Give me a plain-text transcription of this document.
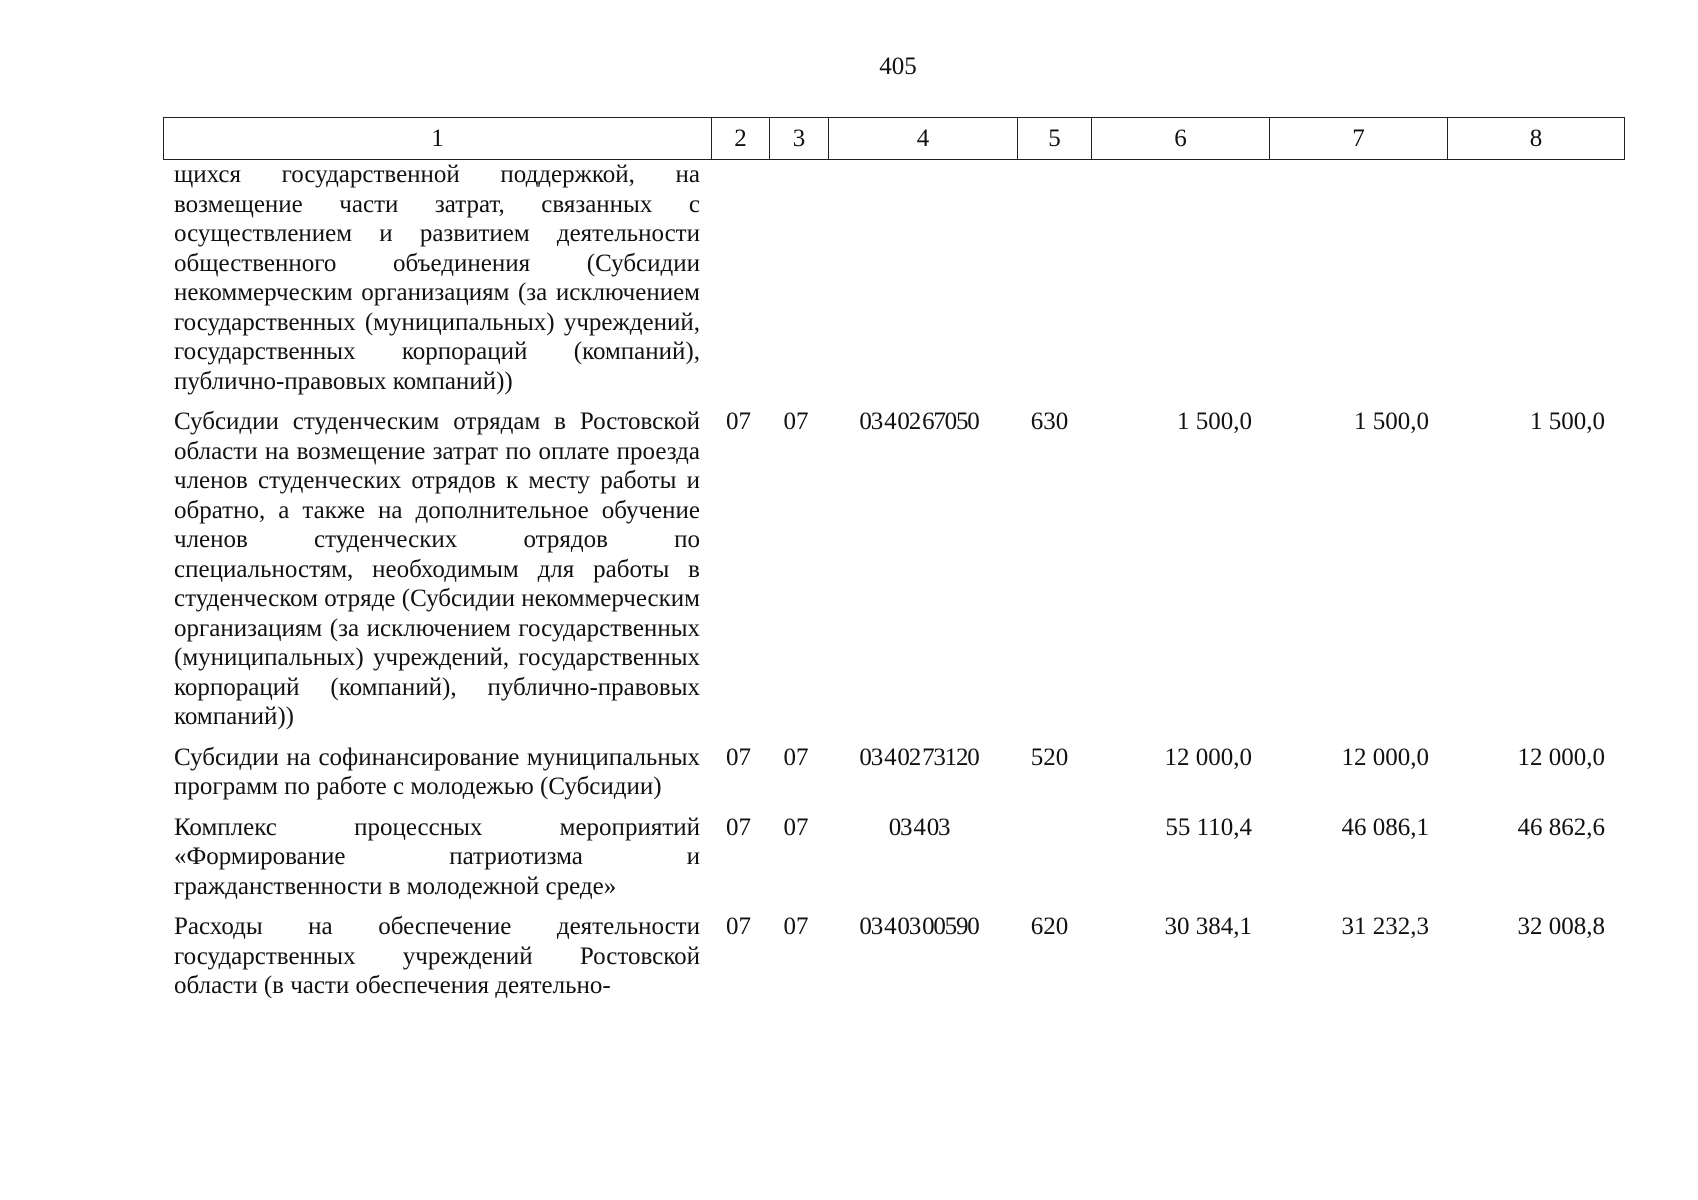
405
1	2	3	4	5	6	7	8
щихся государственной поддержкой, на возмещение части затрат, связанных с осуществлением и развитием деятельности общественного объединения (Субсидии некоммерческим организациям (за исключением государственных (муниципальных) учреждений, государственных корпораций (компаний), публично-правовых компаний))							
Субсидии студенческим отрядам в Ростовской области на возмещение затрат по оплате проезда членов студенческих отрядов к месту работы и обратно, а также на дополнительное обучение членов студенческих отрядов по специальностям, необходимым для работы в студенческом отряде (Субсидии некоммерческим организациям (за исключением государственных (муниципальных) учреждений, государственных корпораций (компаний), публично-правовых компаний))	07	07	03 4 02 67050	630	1 500,0	1 500,0	1 500,0
Субсидии на софинансирование муниципальных программ по работе с молодежью (Субсидии)	07	07	03 4 02 73120	520	12 000,0	12 000,0	12 000,0
Комплекс процессных мероприятий «Формирование патриотизма и гражданственности в молодежной среде»	07	07	03 4 03		55 110,4	46 086,1	46 862,6
Расходы на обеспечение деятельности государственных учреждений Ростовской области (в части обеспечения деятельно-	07	07	03 4 03 00590	620	30 384,1	31 232,3	32 008,8
